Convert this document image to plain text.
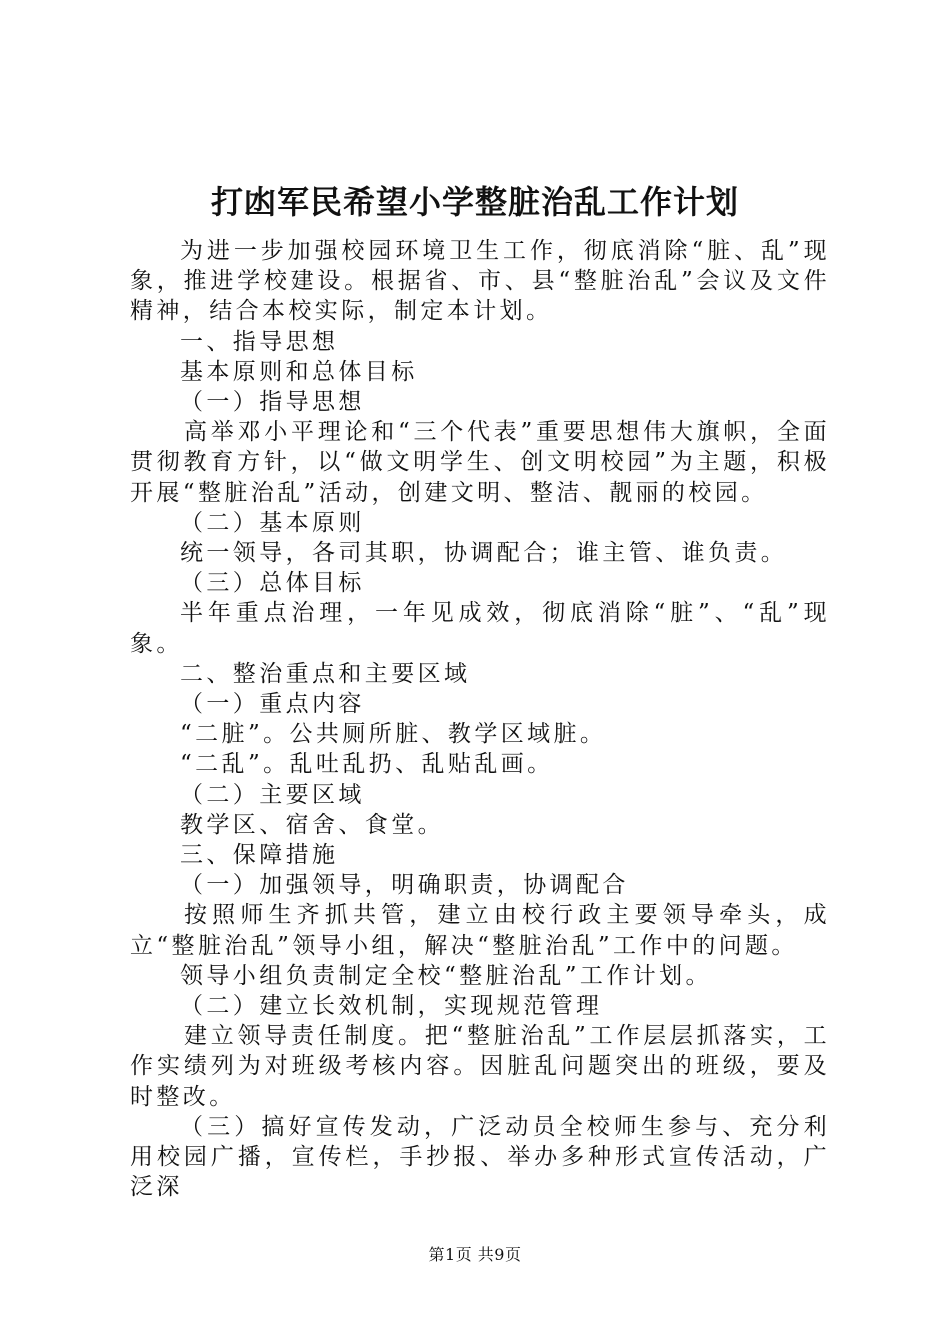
打凼军民希望小学整脏治乱工作计划

为进一步加强校园环境卫生工作，彻底消除“脏、乱”现象，推进学校建设。根据省、市、县“整脏治乱”会议及文件精神，结合本校实际，制定本计划。

一、指导思想

基本原则和总体目标

（一）指导思想

高举邓小平理论和“三个代表”重要思想伟大旗帜，全面贯彻教育方针，以“做文明学生、创文明校园”为主题，积极开展“整脏治乱”活动，创建文明、整洁、靓丽的校园。

（二）基本原则

统一领导，各司其职，协调配合；谁主管、谁负责。

（三）总体目标

半年重点治理，一年见成效，彻底消除“脏”、“乱”现象。

二、整治重点和主要区域

（一）重点内容

“二脏”。公共厕所脏、教学区域脏。

“二乱”。乱吐乱扔、乱贴乱画。

（二）主要区域

教学区、宿舍、食堂。

三、保障措施

（一）加强领导，明确职责，协调配合

按照师生齐抓共管，建立由校行政主要领导牵头，成立“整脏治乱”领导小组，解决“整脏治乱”工作中的问题。

领导小组负责制定全校“整脏治乱”工作计划。

（二）建立长效机制，实现规范管理

建立领导责任制度。把“整脏治乱”工作层层抓落实，工作实绩列为对班级考核内容。因脏乱问题突出的班级，要及时整改。

（三）搞好宣传发动，广泛动员全校师生参与、充分利用校园广播，宣传栏，手抄报、举办多种形式宣传活动，广泛深

第1页 共9页
